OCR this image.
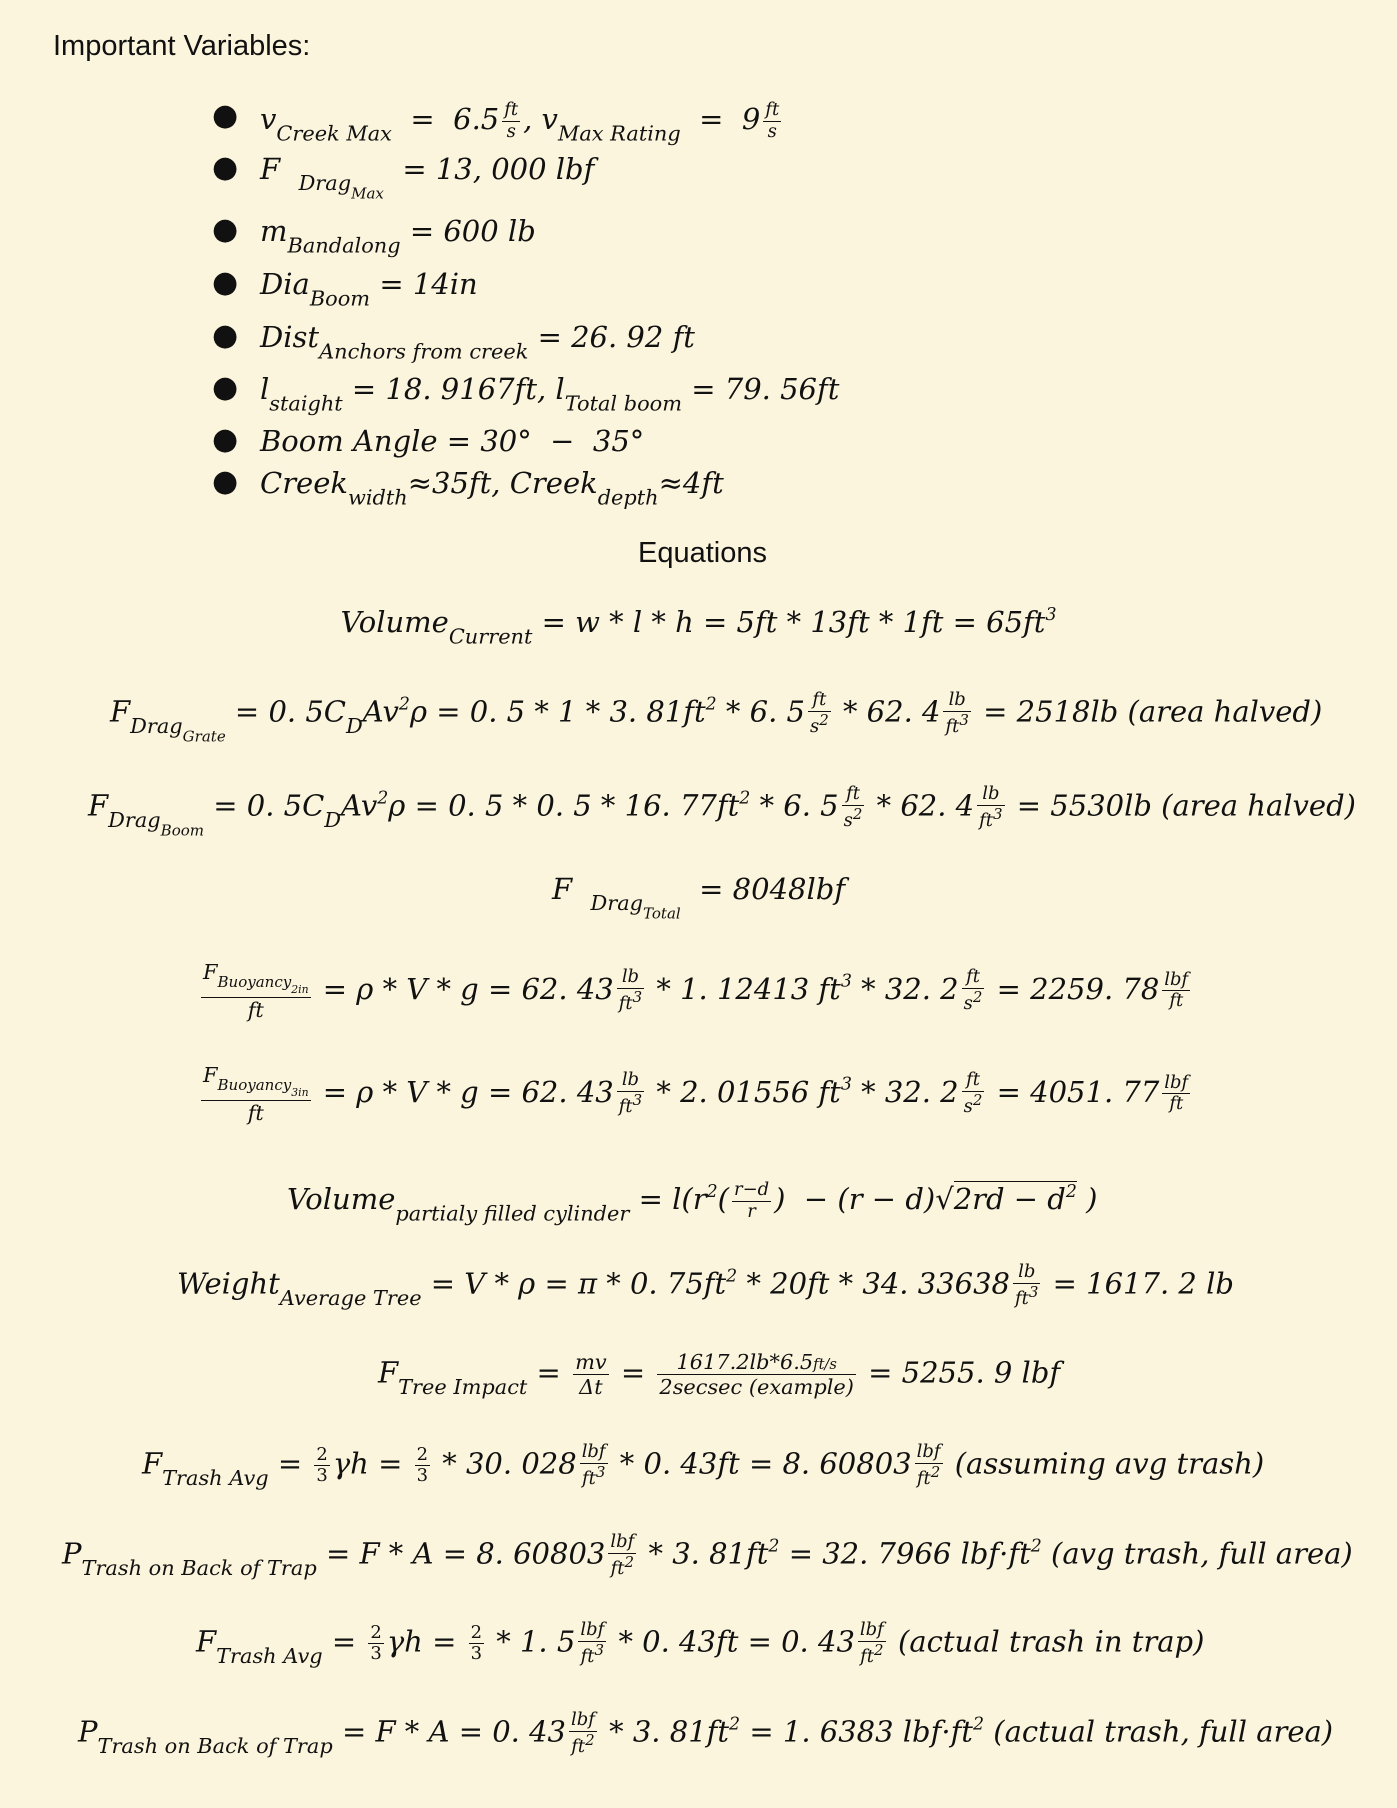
Important Variables:
● $v_{Creek Max} = 6.5 \frac{ft}{s}$ , $v_{Max Rating} = 9 \frac{ft}{s}$
● F  $_{Drag_{Max}}$  = 13, 000 lbf
● $m_{Bandalong} = 600$ lb
● Dia$_{Boom}$ = 14in
● Dist$_{Anchors from creek}$ = 26. 92 ft
● $l_{staight} = 18$. 9167ft, $l_{Total boom} = 79$. 56ft
● Boom Angle = 30°  −  35°
● Creek$_{width}$≈35ft, Creek$_{depth}$≈4ft
Equations
Volume$_{Current}$ = $w * l * h = 5ft * 13ft * 1ft = 65ft^3$
$F_{Drag_{Grate}} = 0$. $5C_DAv^2\rho = 0$. 5 * 1 * 3. $81ft^2 * 6$. $5 \frac{ft}{s^2} * 62$. $4 \frac{lb}{ft^3} = 2518lb$ (area halved)
$F_{Drag_{Boom}} = 0$. $5C_DAv^2\rho = 0$. 5 * 0. 5 * 16. $77ft^2 * 6$. $5 \frac{ft}{s^2} * 62$. $4 \frac{lb}{ft^3} = 5530lb$ (area halved)
F  $_{Drag_{Total}}$  = 8048lbf
$F_{Buoyancy_{2in}}$
ft
= ρ * V * g = 62. $43 \frac{lb}{ft^3} * 1$. 12413 $ft^3 * 32$. $2 \frac{ft}{s^2} = 2259$. 78 lbf
ft
$F_{Buoyancy_{3in}}$
ft
= ρ * V * g = 62. $43 \frac{lb}{ft^3} * 2$. 01556 $ft^3 * 32$. $2 \frac{ft}{s^2} = 4051$. 77 lbf
ft
Volume$_{partialy filled cylinder}$ = $l(r^2( \frac{r-d}{r}$ )  − $(r - d)√2rd - d^2$ )
Weight$_{Average Tree}$ = V * ρ = π * 0. $75ft^2 * 20ft * 34$. $33638 \frac{lb}{ft^3} = 1617$. 2 lb
$F_{Tree Impact} = \frac{mv}{\Delta t}$ =	1617.2lb*6.5ft/s
2secsec (example) = 5255. 9 lbf
$F_{Trash Avg} = \frac{2}{3}$ $\gamma h = \frac{2}{3} * 30$. 028 lbf
$ft^3 * 0$. 43ft = 8. 60803 lbf
$ft^2$ (assuming avg trash)
$P_{Trash on Back of Trap} = F * A = 8$. 60803 lbf
$ft^2 * 3$. $81ft^2 = 32$. 7966 $lbf\cdot ft^2$ (avg trash, full area)
$F_{Trash Avg} = \frac{2}{3}$ $\gamma h = \frac{2}{3} * 1$. 5 lbf
$ft^3 * 0$. 43ft = 0. 43 lbf
$ft^2$ (actual trash in trap)
$P_{Trash on Back of Trap} = F * A = 0$. 43 lbf
$ft^2 * 3$. $81ft^2 = 1$. 6383 $lbf\cdot ft^2$ (actual trash, full area)
